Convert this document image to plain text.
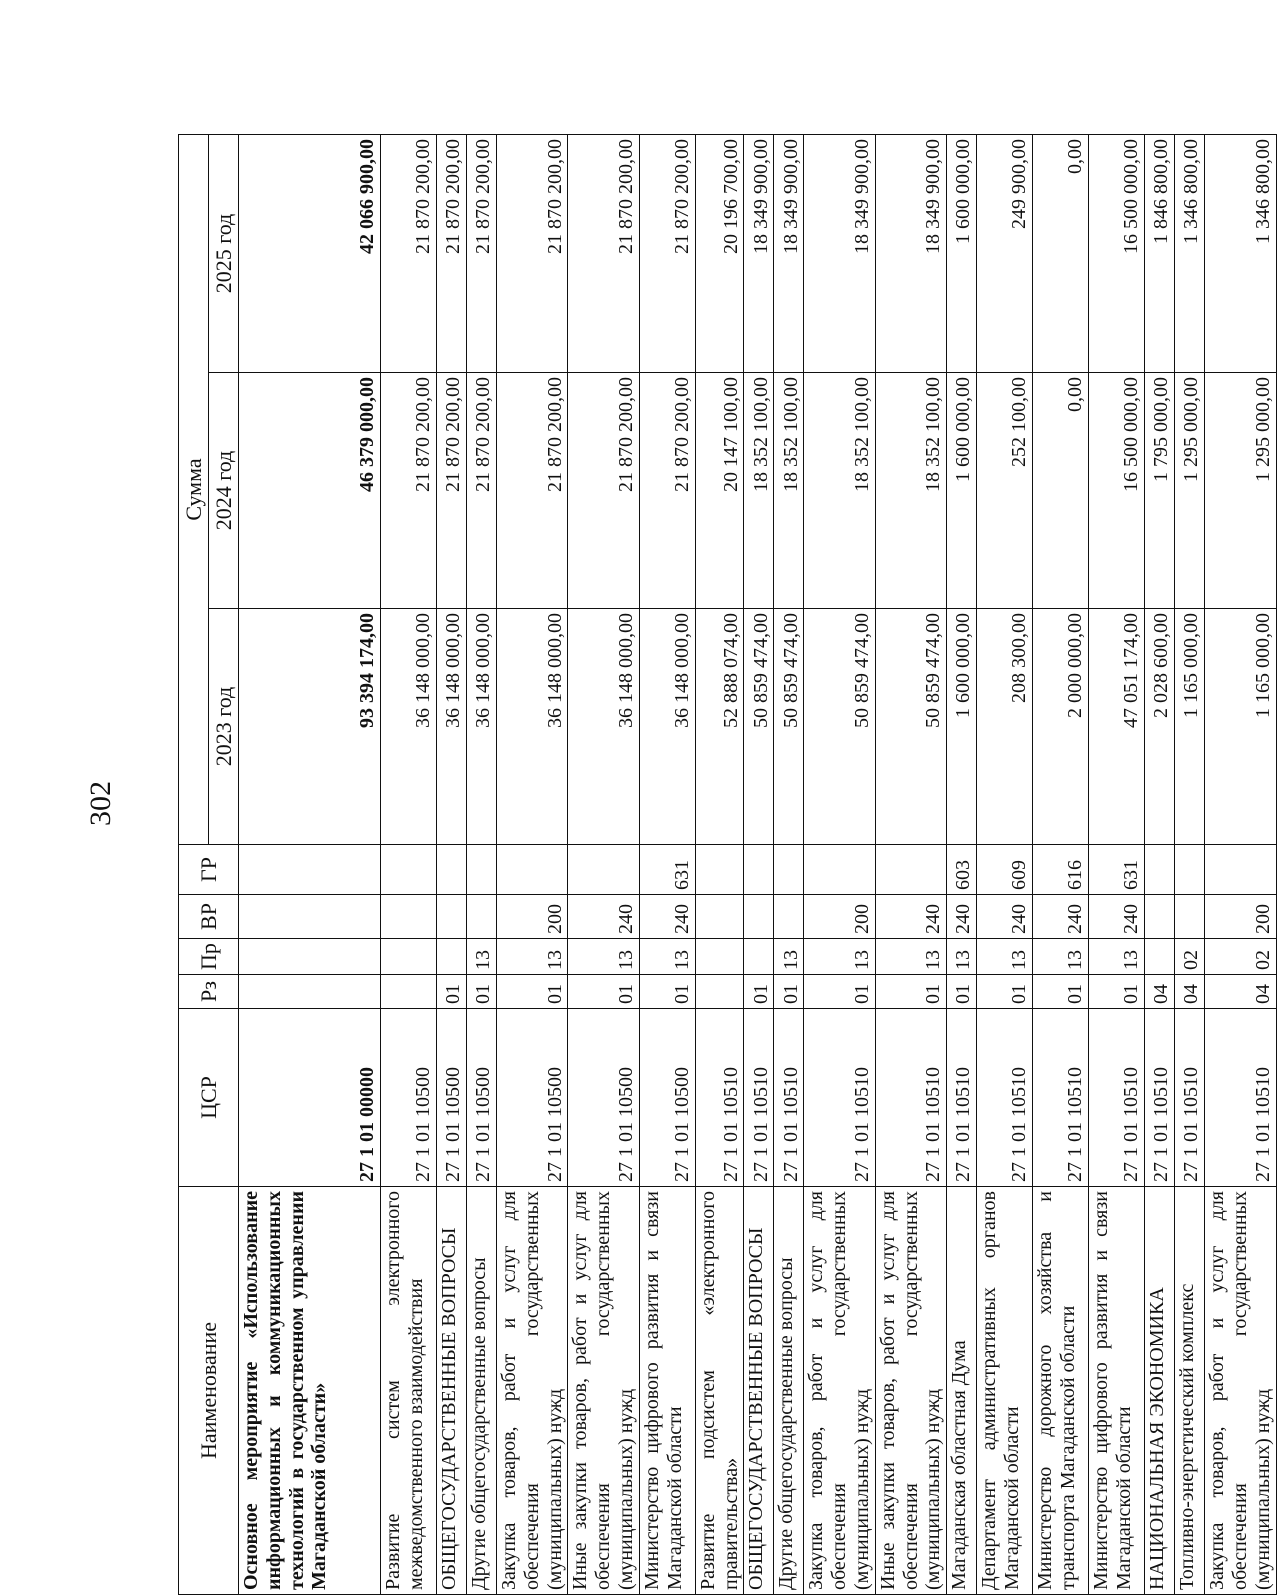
302
Наименование	ЦСР	Рз	Пр	ВР	ГР	Сумма		
						2023 год	2024 год	2025 год
Основное мероприятие «Использование информационных и коммуникационных технологий в государственном управлении Магаданской области»	27 1 01 00000					93 394 174,00	46 379 000,00	42 066 900,00
Развитие систем электронного межведомственного взаимодействия	27 1 01 10500					36 148 000,00	21 870 200,00	21 870 200,00
ОБЩЕГОСУДАРСТВЕННЫЕ ВОПРОСЫ	27 1 01 10500	01				36 148 000,00	21 870 200,00	21 870 200,00
Другие общегосударственные вопросы	27 1 01 10500	01	13			36 148 000,00	21 870 200,00	21 870 200,00
Закупка товаров, работ и услуг для обеспечения государственных (муниципальных) нужд	27 1 01 10500	01	13	200		36 148 000,00	21 870 200,00	21 870 200,00
Иные закупки товаров, работ и услуг для обеспечения государственных (муниципальных) нужд	27 1 01 10500	01	13	240		36 148 000,00	21 870 200,00	21 870 200,00
Министерство цифрового развития и связи Магаданской области	27 1 01 10500	01	13	240	631	36 148 000,00	21 870 200,00	21 870 200,00
Развитие подсистем «электронного правительства»	27 1 01 10510					52 888 074,00	20 147 100,00	20 196 700,00
ОБЩЕГОСУДАРСТВЕННЫЕ ВОПРОСЫ	27 1 01 10510	01				50 859 474,00	18 352 100,00	18 349 900,00
Другие общегосударственные вопросы	27 1 01 10510	01	13			50 859 474,00	18 352 100,00	18 349 900,00
Закупка товаров, работ и услуг для обеспечения государственных (муниципальных) нужд	27 1 01 10510	01	13	200		50 859 474,00	18 352 100,00	18 349 900,00
Иные закупки товаров, работ и услуг для обеспечения государственных (муниципальных) нужд	27 1 01 10510	01	13	240		50 859 474,00	18 352 100,00	18 349 900,00
Магаданская областная Дума	27 1 01 10510	01	13	240	603	1 600 000,00	1 600 000,00	1 600 000,00
Департамент административных органов Магаданской области	27 1 01 10510	01	13	240	609	208 300,00	252 100,00	249 900,00
Министерство дорожного хозяйства и транспорта Магаданской области	27 1 01 10510	01	13	240	616	2 000 000,00	0,00	0,00
Министерство цифрового развития и связи Магаданской области	27 1 01 10510	01	13	240	631	47 051 174,00	16 500 000,00	16 500 000,00
НАЦИОНАЛЬНАЯ ЭКОНОМИКА	27 1 01 10510	04				2 028 600,00	1 795 000,00	1 846 800,00
Топливно-энергетический комплекс	27 1 01 10510	04	02			1 165 000,00	1 295 000,00	1 346 800,00
Закупка товаров, работ и услуг для обеспечения государственных (муниципальных) нужд	27 1 01 10510	04	02	200		1 165 000,00	1 295 000,00	1 346 800,00
